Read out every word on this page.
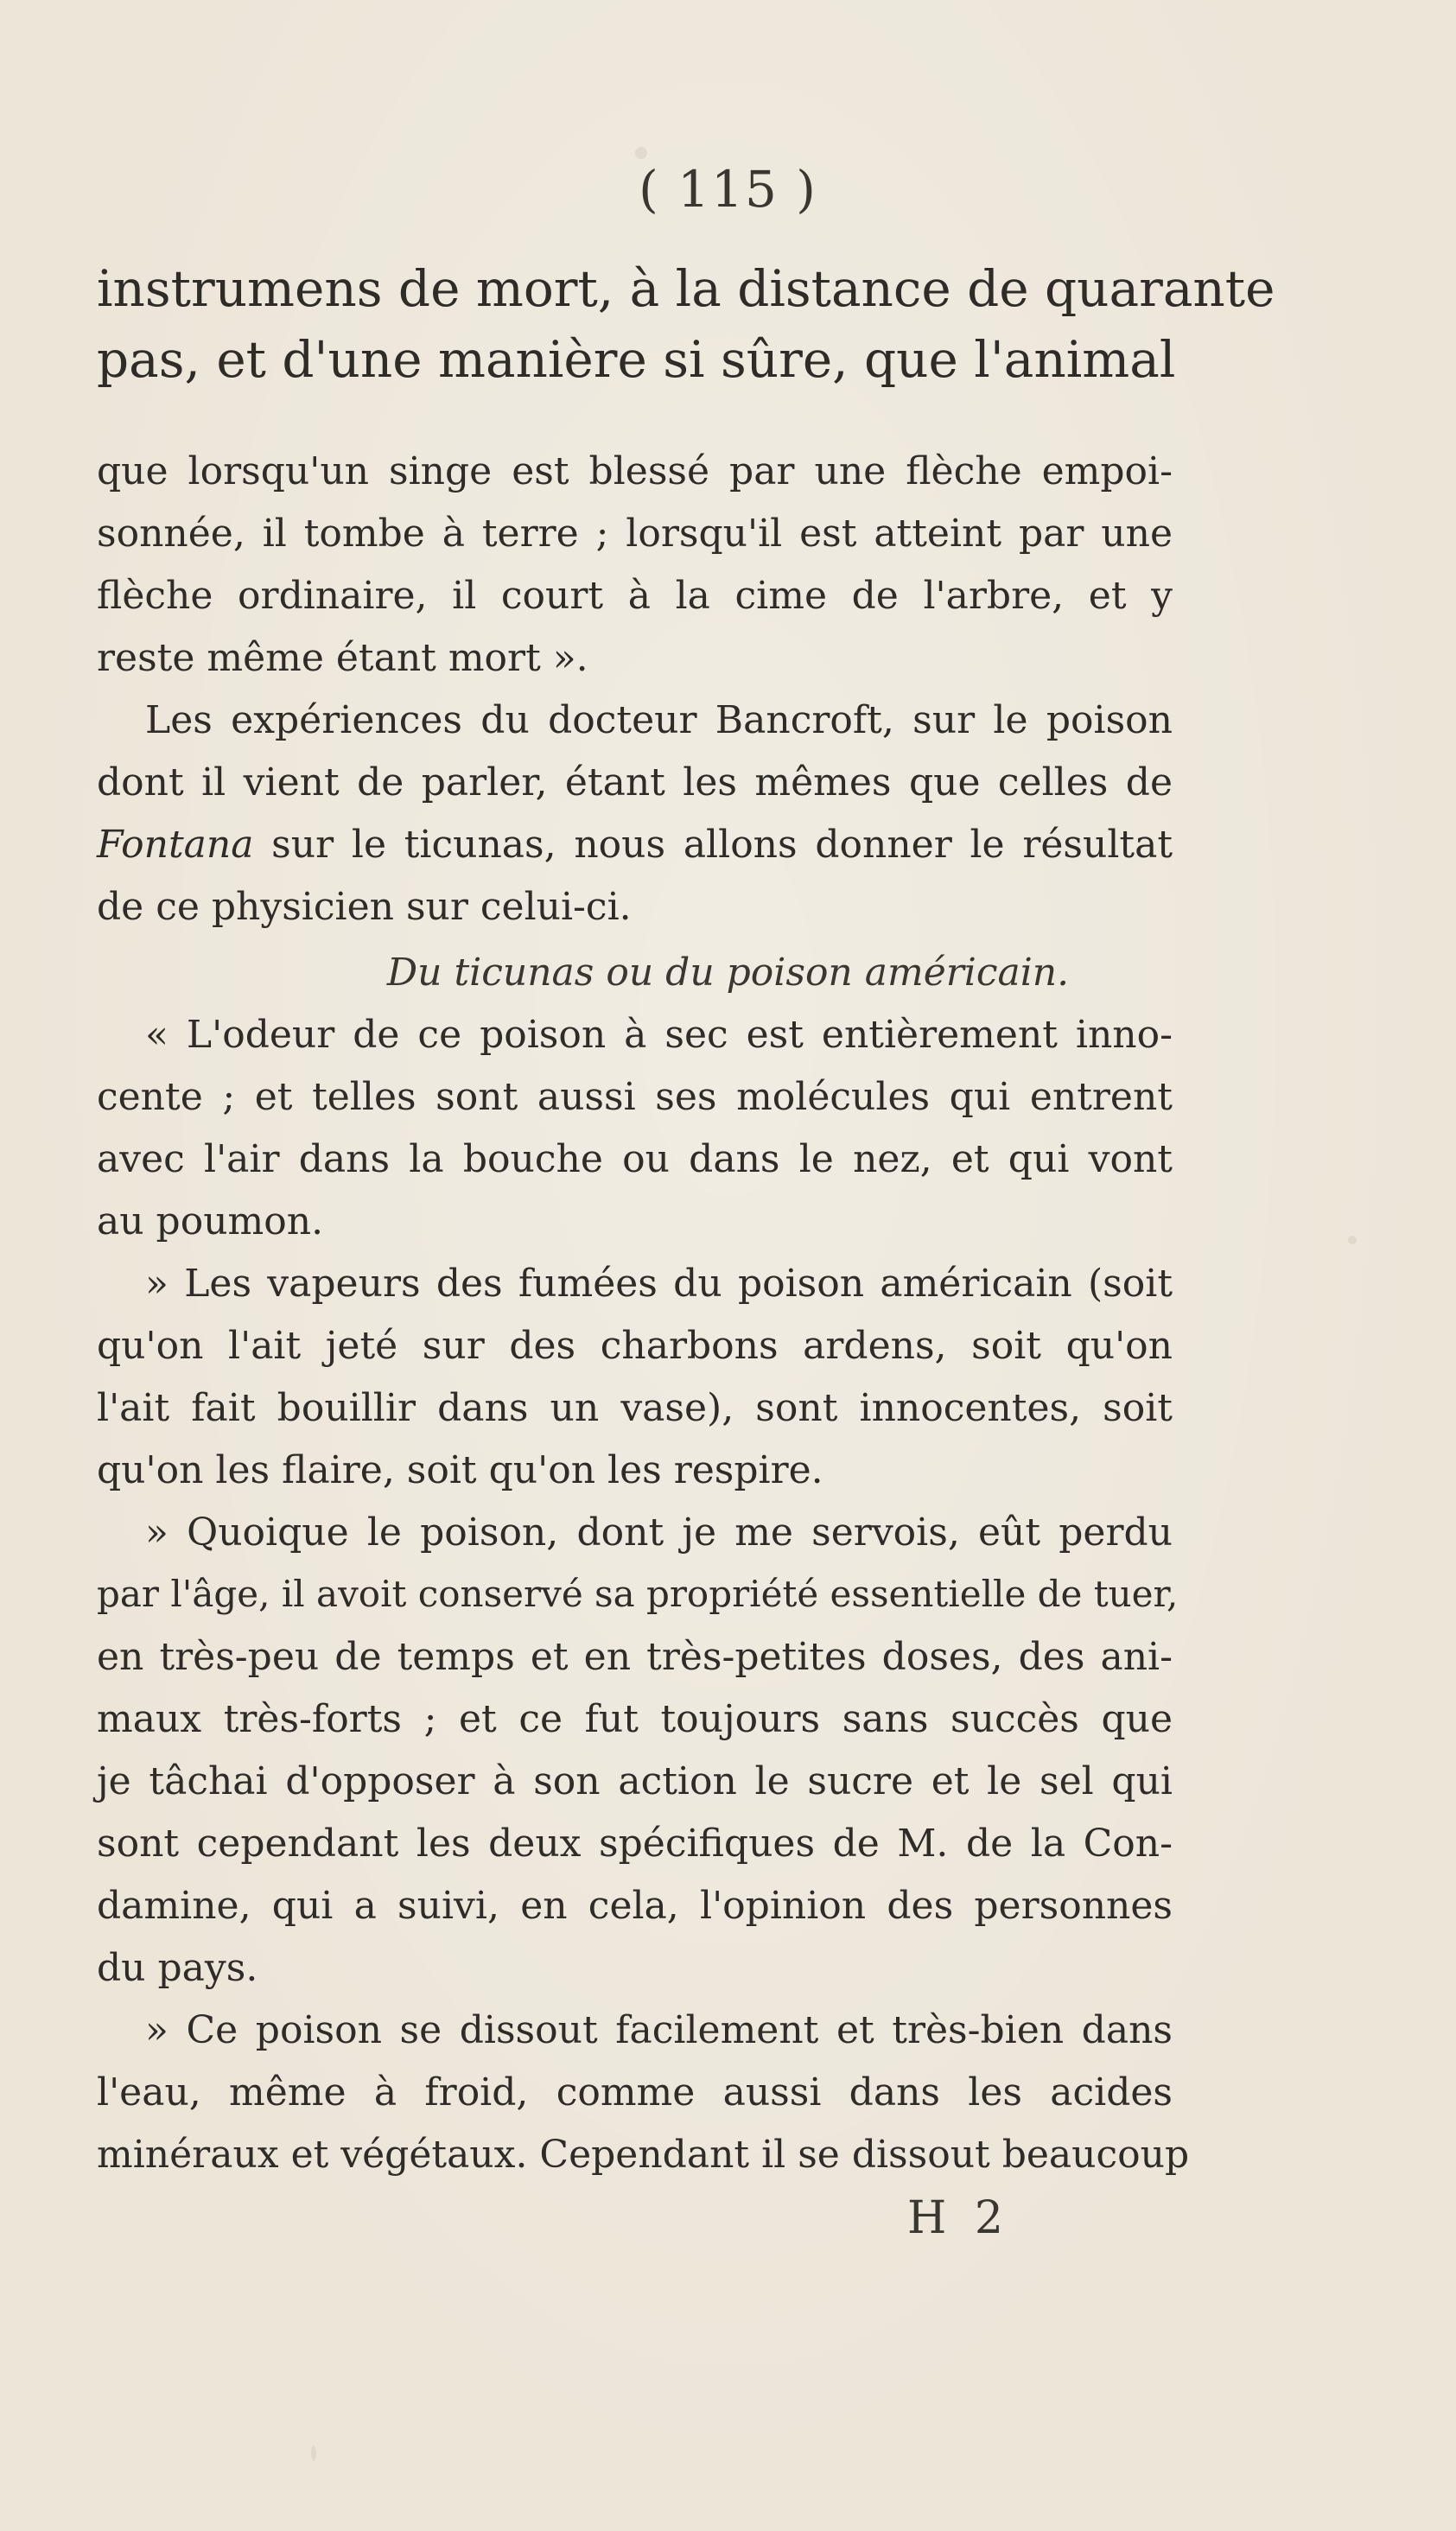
( 115 )
instrumens de mort, à la distance de quarante
pas, et d'une manière si sûre, que l'animal
que lorsqu'un singe est blessé par une flèche empoi-
sonnée, il tombe à terre ; lorsqu'il est atteint par une
flèche ordinaire, il court à la cime de l'arbre, et y
reste même étant mort ».
Les expériences du docteur Bancroft, sur le poison
dont il vient de parler, étant les mêmes que celles de
Fontana sur le ticunas, nous allons donner le résultat
de ce physicien sur celui-ci.
Du ticunas ou du poison américain.
« L'odeur de ce poison à sec est entièrement inno-
cente ; et telles sont aussi ses molécules qui entrent
avec l'air dans la bouche ou dans le nez, et qui vont
au poumon.
» Les vapeurs des fumées du poison américain (soit
qu'on l'ait jeté sur des charbons ardens, soit qu'on
l'ait fait bouillir dans un vase), sont innocentes, soit
qu'on les flaire, soit qu'on les respire.
» Quoique le poison, dont je me servois, eût perdu
par l'âge, il avoit conservé sa propriété essentielle de tuer,
en très-peu de temps et en très-petites doses, des ani-
maux très-forts ; et ce fut toujours sans succès que
je tâchai d'opposer à son action le sucre et le sel qui
sont cependant les deux spécifiques de M. de la Con-
damine, qui a suivi, en cela, l'opinion des personnes
du pays.
» Ce poison se dissout facilement et très-bien dans
l'eau, même à froid, comme aussi dans les acides
minéraux et végétaux. Cependant il se dissout beaucoup
H 2
